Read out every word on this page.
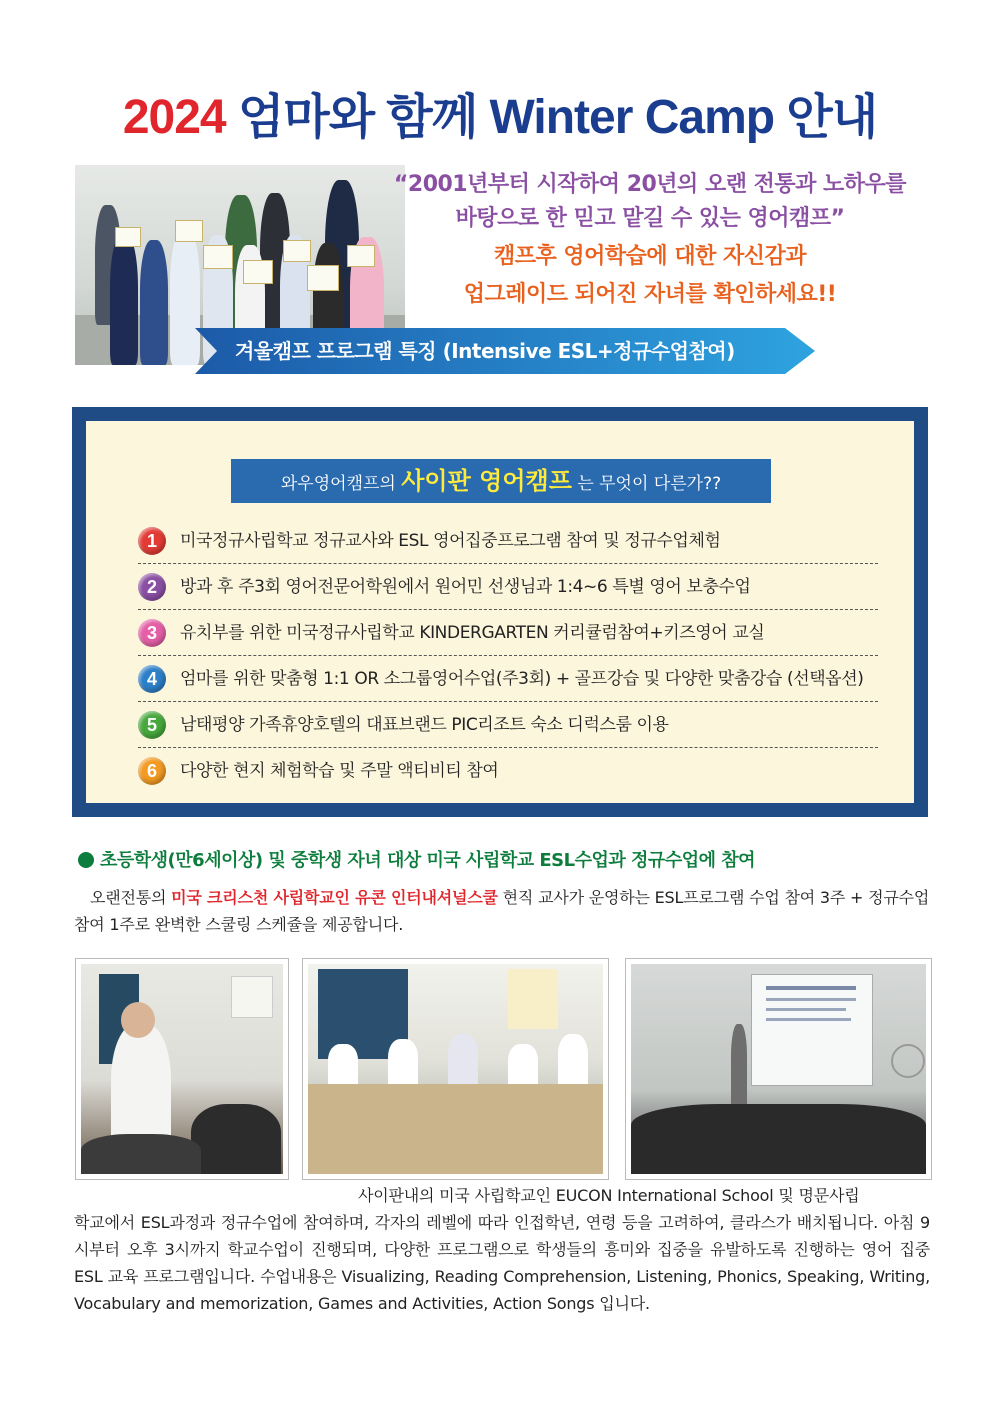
2024 엄마와 함께 Winter Camp 안내
“2001년부터 시작하여 20년의 오랜 전통과 노하우를
바탕으로 한 믿고 맡길 수 있는 영어캠프”
캠프후 영어학습에 대한 자신감과
업그레이드 되어진 자녀를 확인하세요!!
겨울캠프 프로그램 특징 (Intensive ESL+정규수업참여)
와우영어캠프의 사이판 영어캠프 는 무엇이 다른가??
1	미국정규사립학교 정규교사와 ESL 영어집중프로그램 참여 및 정규수업체험
2	방과 후 주3회 영어전문어학원에서 원어민 선생님과 1:4~6 특별 영어 보충수업
3	유치부를 위한 미국정규사립학교 KINDERGARTEN 커리큘럼참여+키즈영어 교실
4	엄마를 위한 맞춤형 1:1 OR 소그룹영어수업(주3회) + 골프강습 및 다양한 맞춤강습 (선택옵션)
5	남태평양 가족휴양호텔의 대표브랜드 PIC리조트 숙소 디럭스룸 이용
6	다양한 현지 체험학습 및 주말 액티비티 참여
초등학생(만6세이상) 및 중학생 자녀 대상 미국 사립학교 ESL수업과 정규수업에 참여
오랜전통의 미국 크리스천 사립학교인 유콘 인터내셔널스쿨 현직 교사가 운영하는 ESL프로그램 수업 참여 3주 + 정규수업참여 1주로 완벽한 스쿨링 스케쥴을 제공합니다.
사이판내의 미국 사립학교인 EUCON International School 및 명문사립
학교에서 ESL과정과 정규수업에 참여하며, 각자의 레벨에 따라 인접학년, 연령 등을 고려하여, 클라스가 배치됩니다. 아침 9시부터 오후 3시까지 학교수업이 진행되며, 다양한 프로그램으로 학생들의 흥미와 집중을 유발하도록 진행하는 영어 집중 ESL 교육 프로그램입니다. 수업내용은 Visualizing, Reading Comprehension, Listening, Phonics, Speaking, Writing, Vocabulary and memorization, Games and Activities, Action Songs 입니다.
